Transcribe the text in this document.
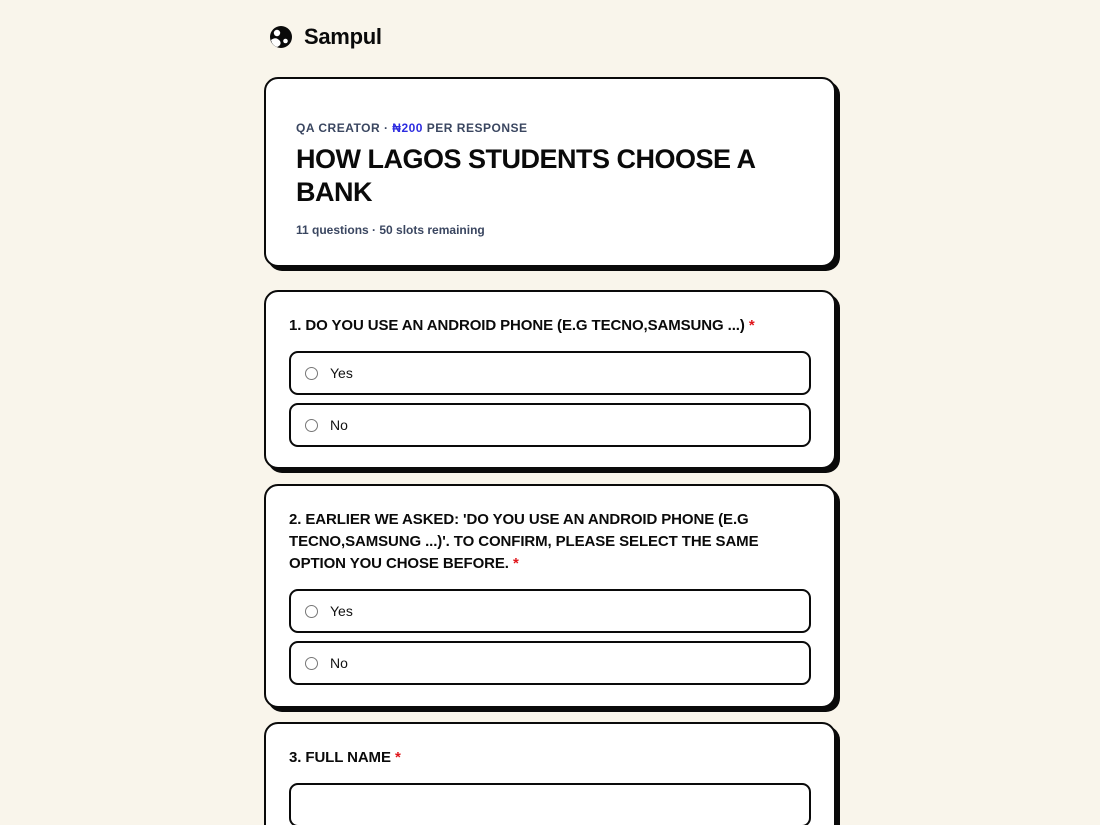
Sampul
QA CREATOR · ₦200 PER RESPONSE
HOW LAGOS STUDENTS CHOOSE A BANK
11 questions · 50 slots remaining
1. DO YOU USE AN ANDROID PHONE (E.G TECNO,SAMSUNG ...) *
Yes
No
2. EARLIER WE ASKED: 'DO YOU USE AN ANDROID PHONE (E.G TECNO,SAMSUNG ...)'. TO CONFIRM, PLEASE SELECT THE SAME OPTION YOU CHOSE BEFORE. *
Yes
No
3. FULL NAME *
